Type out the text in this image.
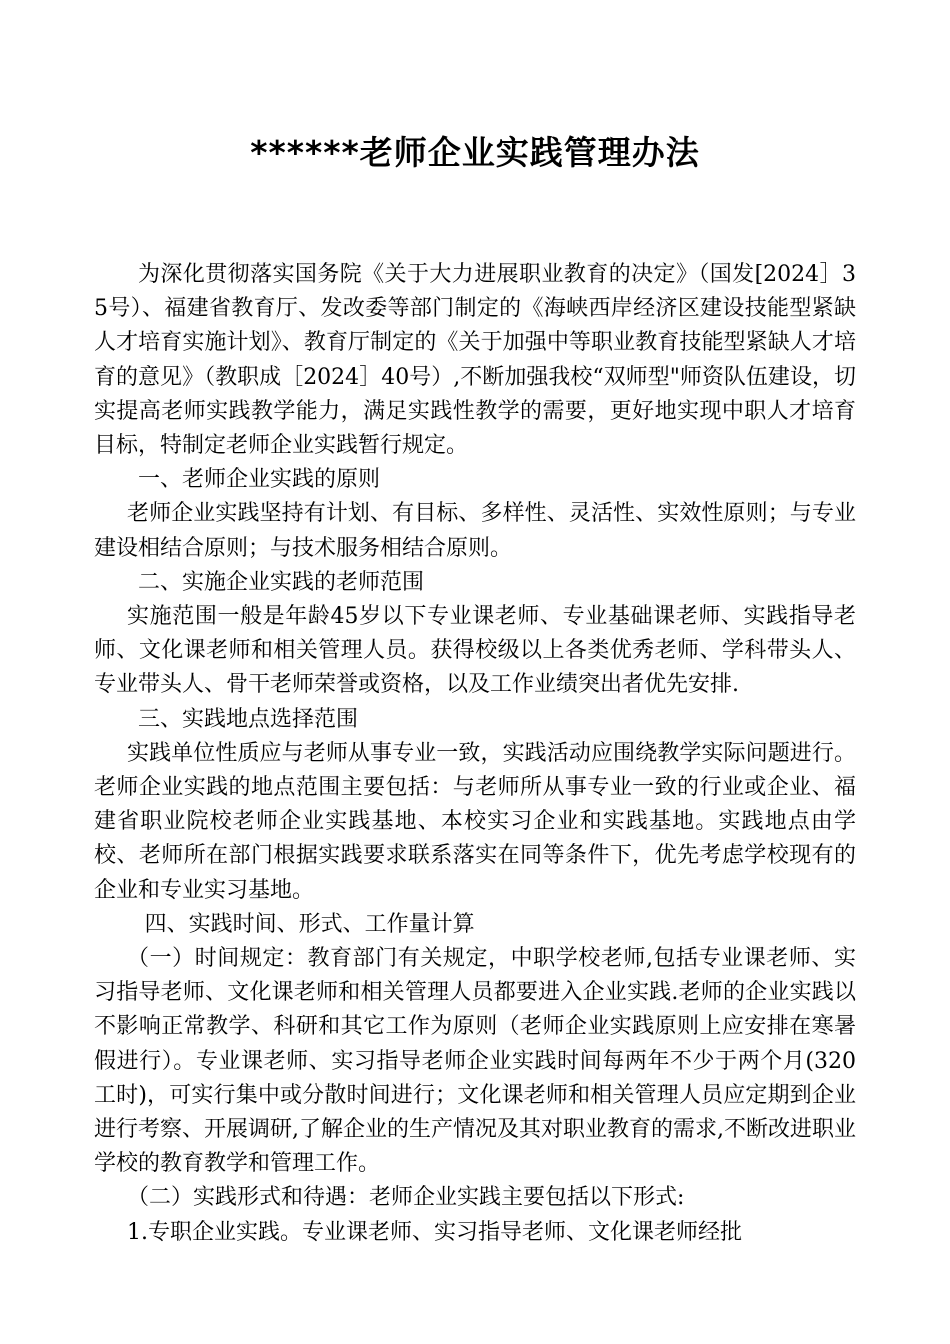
******老师企业实践管理办法

为深化贯彻落实国务院《关于大力进展职业教育的决定》（国发[2024］35号）、福建省教育厅、发改委等部门制定的《海峡西岸经济区建设技能型紧缺人才培育实施计划》、教育厅制定的《关于加强中等职业教育技能型紧缺人才培育的意见》（教职成［2024］40号）,不断加强我校“双师型"师资队伍建设，切实提高老师实践教学能力，满足实践性教学的需要，更好地实现中职人才培育目标，特制定老师企业实践暂行规定。

一、老师企业实践的原则

老师企业实践坚持有计划、有目标、多样性、灵活性、实效性原则；与专业建设相结合原则；与技术服务相结合原则。

二、实施企业实践的老师范围

实施范围一般是年龄45岁以下专业课老师、专业基础课老师、实践指导老师、文化课老师和相关管理人员。获得校级以上各类优秀老师、学科带头人、专业带头人、骨干老师荣誉或资格，以及工作业绩突出者优先安排.

三、实践地点选择范围

实践单位性质应与老师从事专业一致，实践活动应围绕教学实际问题进行。老师企业实践的地点范围主要包括：与老师所从事专业一致的行业或企业、福建省职业院校老师企业实践基地、本校实习企业和实践基地。实践地点由学校、老师所在部门根据实践要求联系落实在同等条件下，优先考虑学校现有的企业和专业实习基地。

四、实践时间、形式、工作量计算

（一）时间规定：教育部门有关规定，中职学校老师,包括专业课老师、实习指导老师、文化课老师和相关管理人员都要进入企业实践.老师的企业实践以不影响正常教学、科研和其它工作为原则（老师企业实践原则上应安排在寒暑假进行）。专业课老师、实习指导老师企业实践时间每两年不少于两个月(320工时)，可实行集中或分散时间进行；文化课老师和相关管理人员应定期到企业进行考察、开展调研,了解企业的生产情况及其对职业教育的需求,不断改进职业学校的教育教学和管理工作。

（二）实践形式和待遇：老师企业实践主要包括以下形式:

1.专职企业实践。专业课老师、实习指导老师、文化课老师经批
